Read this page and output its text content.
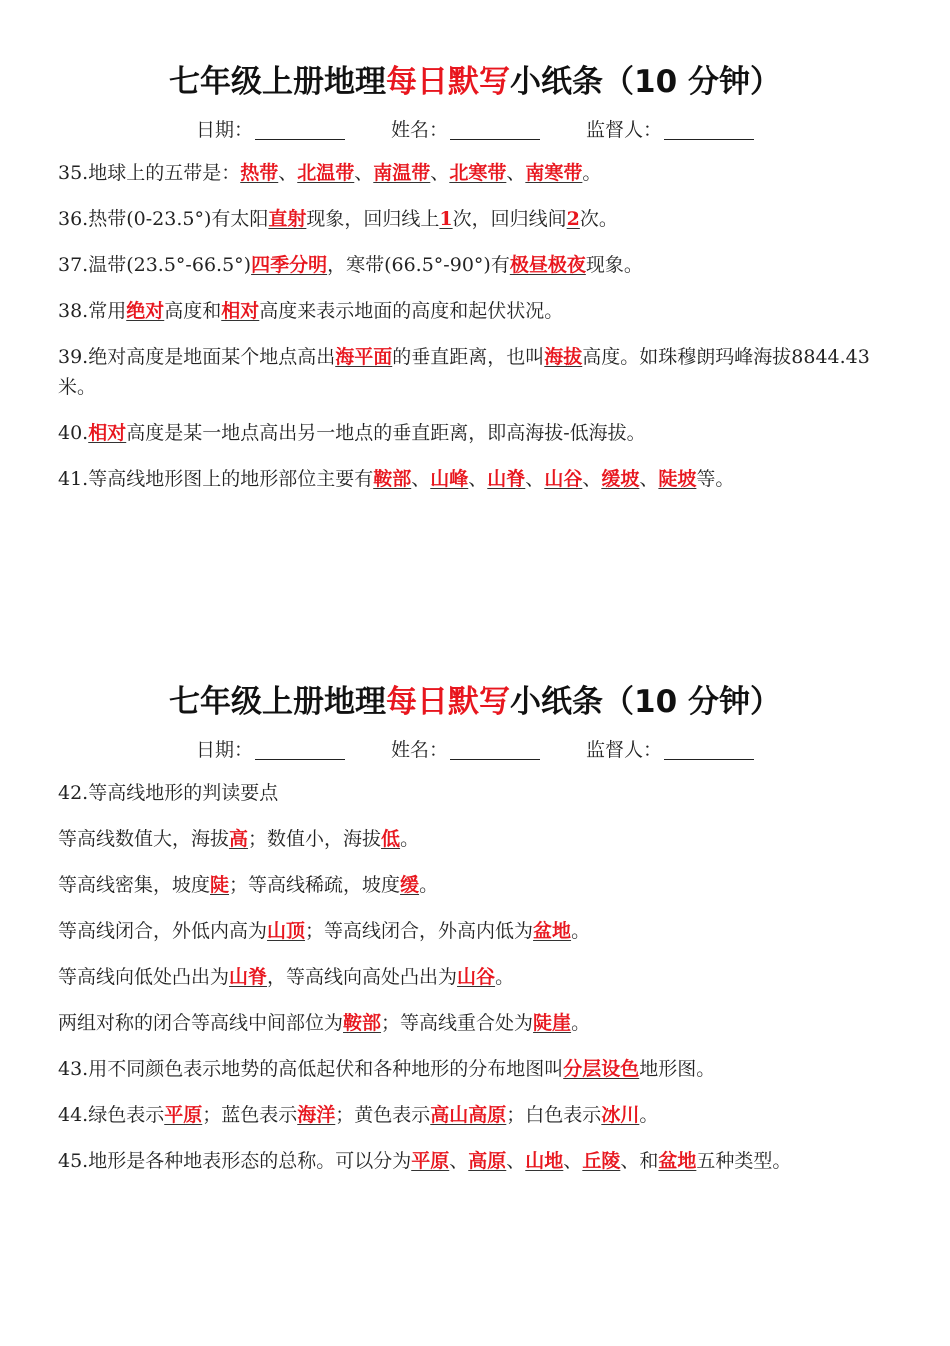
七年级上册地理每日默写小纸条（10 分钟）
日期：	姓名：	监督人：
35.地球上的五带是：热带、北温带、南温带、北寒带、南寒带。
36.热带(0-23.5°)有太阳直射现象，回归线上1次，回归线间2次。
37.温带(23.5°-66.5°)四季分明，寒带(66.5°-90°)有极昼极夜现象。
38.常用绝对高度和相对高度来表示地面的高度和起伏状况。
39.绝对高度是地面某个地点高出海平面的垂直距离，也叫海拔高度。如珠穆朗玛峰海拔8844.43米。
40.相对高度是某一地点高出另一地点的垂直距离，即高海拔-低海拔。
41.等高线地形图上的地形部位主要有鞍部、山峰、山脊、山谷、缓坡、陡坡等。
七年级上册地理每日默写小纸条（10 分钟）
日期：	姓名：	监督人：
42.等高线地形的判读要点
等高线数值大，海拔高；数值小，海拔低。
等高线密集，坡度陡；等高线稀疏，坡度缓。
等高线闭合，外低内高为山顶；等高线闭合，外高内低为盆地。
等高线向低处凸出为山脊，等高线向高处凸出为山谷。
两组对称的闭合等高线中间部位为鞍部；等高线重合处为陡崖。
43.用不同颜色表示地势的高低起伏和各种地形的分布地图叫分层设色地形图。
44.绿色表示平原；蓝色表示海洋；黄色表示高山高原；白色表示冰川。
45.地形是各种地表形态的总称。可以分为平原、高原、山地、丘陵、和盆地五种类型。
